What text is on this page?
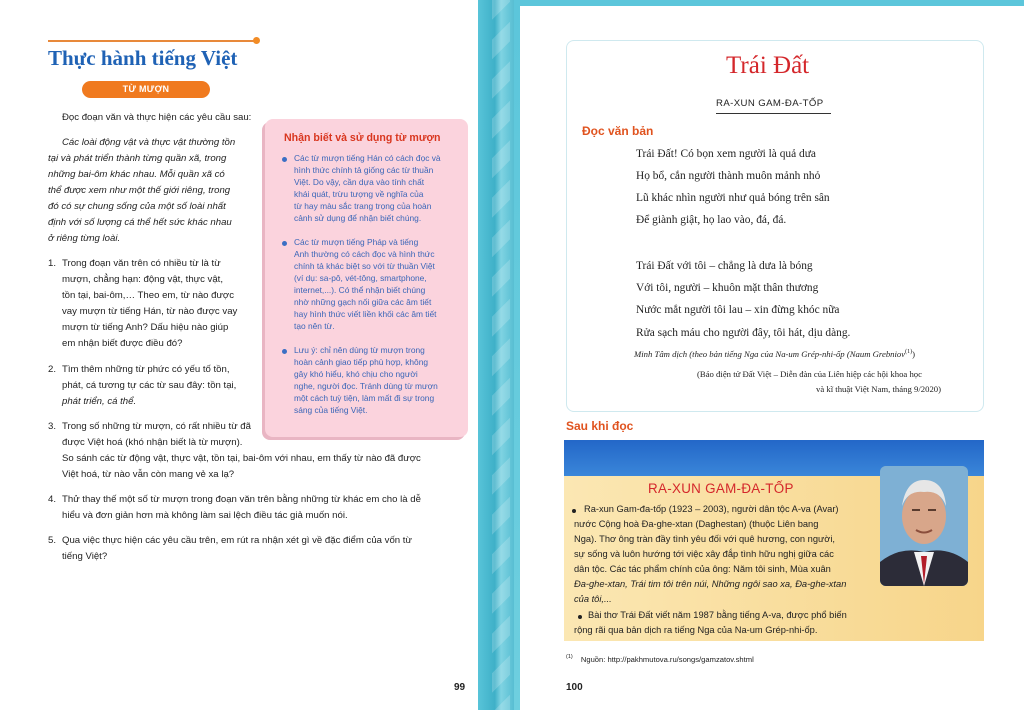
Thực hành tiếng Việt
TỪ MƯỢN
Đọc đoạn văn và thực hiện các yêu cầu sau:
Các loài động vật và thực vật thường tồn
tại và phát triển thành từng quần xã, trong
những bai-ôm khác nhau. Mỗi quần xã có
thể được xem như một thế giới riêng, trong
đó có sự chung sống của một số loài nhất
định với số lượng cá thể hết sức khác nhau
ở riêng từng loài.
1. Trong đoạn văn trên có nhiều từ là từ
mượn, chẳng hạn: động vật, thực vật,
tồn tại, bai-ôm,… Theo em, từ nào được
vay mượn từ tiếng Hán, từ nào được vay
mượn từ tiếng Anh? Dấu hiệu nào giúp
em nhận biết được điều đó?
2. Tìm thêm những từ phức có yếu tố tồn,
phát, cá tương tự các từ sau đây: tồn tại,
phát triển, cá thể.
3. Trong số những từ mượn, có rất nhiều từ đã
được Việt hoá (khó nhận biết là từ mượn).
So sánh các từ động vật, thực vật, tồn tại, bai-ôm với nhau, em thấy từ nào đã được
Việt hoá, từ nào vẫn còn mang vẻ xa lạ?
4. Thử thay thế một số từ mượn trong đoạn văn trên bằng những từ khác em cho là dễ
hiểu và đơn giản hơn mà không làm sai lệch điều tác giả muốn nói.
5. Qua việc thực hiện các yêu cầu trên, em rút ra nhận xét gì về đặc điểm của vốn từ
tiếng Việt?
Nhận biết và sử dụng từ mượn
Các từ mượn tiếng Hán có cách đọc và
hình thức chính tả giống các từ thuần
Việt. Do vậy, cần dựa vào tính chất
khái quát, trừu tượng về nghĩa của
từ hay màu sắc trang trọng của hoàn
cảnh sử dụng để nhận biết chúng.
Các từ mượn tiếng Pháp và tiếng
Anh thường có cách đọc và hình thức
chính tả khác biệt so với từ thuần Việt
(ví dụ: sa-pô, vét-tông, smartphone,
internet,...). Có thể nhận biết chúng
nhờ những gạch nối giữa các âm tiết
hay hình thức viết liền khối các âm tiết
tạo nên từ.
Lưu ý: chỉ nên dùng từ mượn trong
hoàn cảnh giao tiếp phù hợp, không
gây khó hiểu, khó chịu cho người
nghe, người đọc. Tránh dùng từ mượn
một cách tuỳ tiện, làm mất đi sự trong
sáng của tiếng Việt.
99
Trái Đất
RA-XUN GAM-ĐA-TỐP
Đọc văn bản
Trái Đất! Có bọn xem người là quả dưa
Họ bổ, cắn người thành muôn mảnh nhỏ
Lũ khác nhìn người như quả bóng trên sân
Để giành giật, họ lao vào, đá, đá.
Trái Đất với tôi – chẳng là dưa là bóng
Với tôi, người – khuôn mặt thân thương
Nước mắt người tôi lau – xin đừng khóc nữa
Rửa sạch máu cho người đây, tôi hát, dịu dàng.
Minh Tâm dịch (theo bản tiếng Nga của Na-um Grép-nhi-ốp (Naum Grebniov$^{(1)}$)
(Báo điện tử Đất Việt – Diễn đàn của Liên hiệp các hội khoa học
và kĩ thuật Việt Nam, tháng 9/2020)
Sau khi đọc
RA-XUN GAM-ĐA-TỐP
Ra-xun Gam-đa-tốp (1923 – 2003), người dân tộc A-va (Avar)
nước Cộng hoà Đa-ghe-xtan (Daghestan) (thuộc Liên bang
Nga). Thơ ông tràn đầy tình yêu đối với quê hương, con người,
sự sống và luôn hướng tới việc xây đắp tình hữu nghị giữa các
dân tộc. Các tác phẩm chính của ông: Năm tôi sinh, Mùa xuân
Đa-ghe-xtan, Trái tim tôi trên núi, Những ngôi sao xa, Đa-ghe-xtan
của tôi,...
Bài thơ Trái Đất viết năm 1987 bằng tiếng A-va, được phổ biến
rộng rãi qua bản dịch ra tiếng Nga của Na-um Grép-nhi-ốp.
$^{(1)}$ Nguồn: http://pakhmutova.ru/songs/gamzatov.shtml
100
